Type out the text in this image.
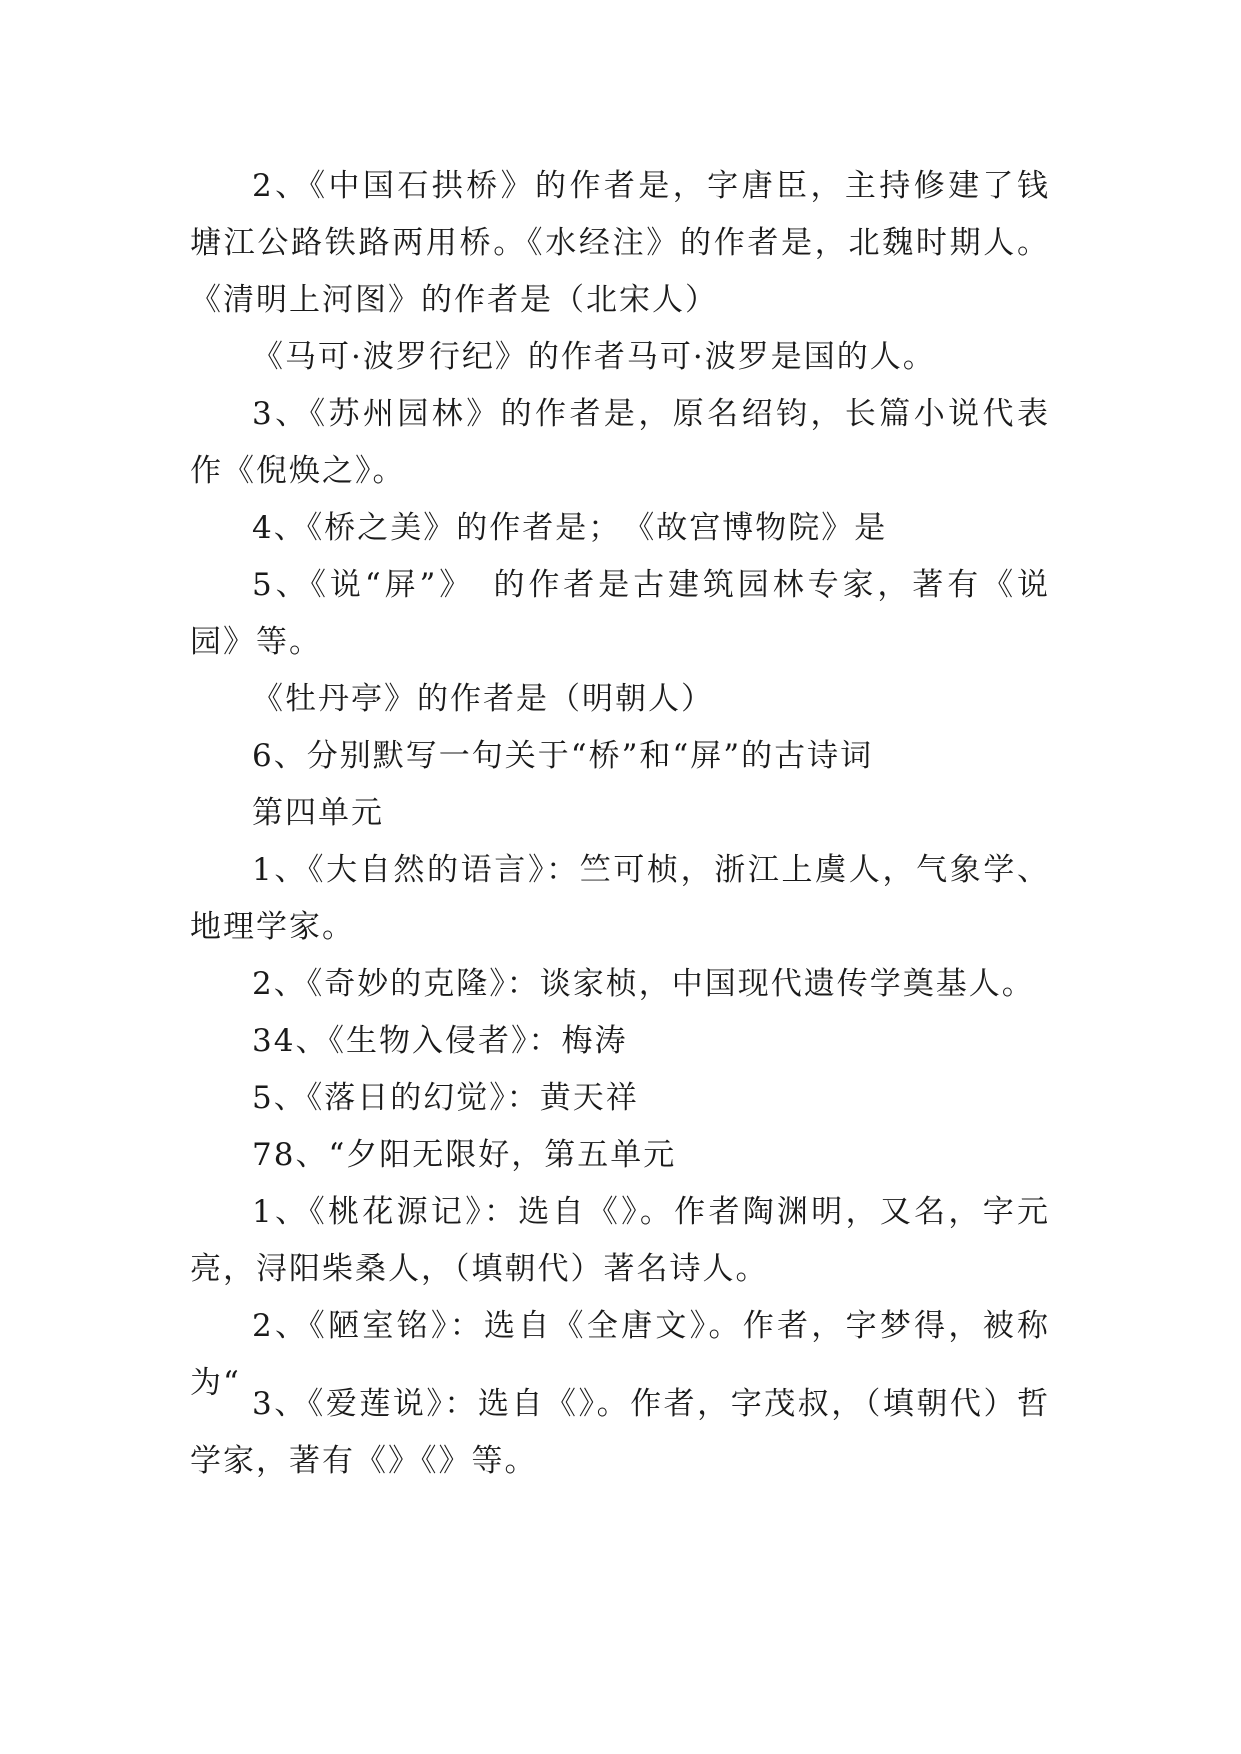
2、《中国石拱桥》的作者是，字唐臣，主持修建了钱塘江公路铁路两用桥。《水经注》的作者是，北魏时期人。《清明上河图》的作者是（北宋人）

《马可·波罗行纪》的作者马可·波罗是国的人。

3、《苏州园林》的作者是，原名绍钧，长篇小说代表作《倪焕之》。

4、《桥之美》的作者是；　《故宫博物院》是

5、《说“屏”》　的作者是古建筑园林专家，著有《说园》等。

《牡丹亭》的作者是（明朝人）

6、分别默写一句关于“桥”和“屏”的古诗词

第四单元

1、《大自然的语言》：竺可桢，浙江上虞人，气象学、地理学家。

2、《奇妙的克隆》：谈家桢，中国现代遗传学奠基人。

34、《生物入侵者》：梅涛

5、《落日的幻觉》：黄天祥

78、“夕阳无限好，第五单元

1、《桃花源记》：选自《》。作者陶渊明，又名，字元亮，浔阳柴桑人，（填朝代）著名诗人。

2、《陋室铭》：选自《全唐文》。作者，字梦得，被称为“

3、《爱莲说》：选自《》。作者，字茂叔，（填朝代）哲学家，著有《》《》等。
